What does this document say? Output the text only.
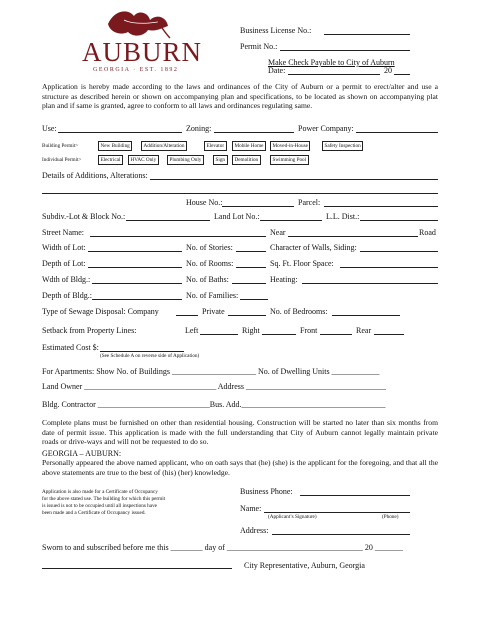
AUBURN
GEORGIA · EST. 1892
Business License No.:
Permit No.:
Make Check Payable to City of Auburn
Date:	20
Application is hereby made according to the laws and ordinances of the City of Auburn or a permit to erect/alter and use a structure as described herein or shown on accompanying plan and specifications, to be located as shown on accompanying plat plan and if same is granted, agree to conform to all laws and ordinances regulating same.
Use:	Zoning:	Power Company:
Building Permit>	New Building	Addition/Alteration	Elevator	Mobile Home	Moved-in-House	Safety Inspection
Individual Permit>	Electrical	HVAC Only	Plumbing Only	Sign	Demolition	Swimming Pool
Details of Additions, Alterations:
House No.:	Parcel:
Subdiv.-Lot & Block No.:	Land Lot No.:	L.L. Dist.:
Street Name:	Near	Road
Width of Lot:	No. of Stories:	Character of Walls, Siding:
Depth of Lot:	No. of Rooms:	Sq. Ft. Floor Space:
Wdth of Bldg.:	No. of Baths:	Heating:
Depth of Bldg.:	No. of Families:
Type of Sewage Disposal: Company	Private	No. of Bedrooms:
Setback from Property Lines:	Left	Right	Front	Rear
Estimated Cost $:
(See Schedule A on reverse side of Application)
For Apartments: Show No. of Buildings _____________________ No. of Dwelling Units ____________
Land Owner _________________________________ Address ___________________________________
Bldg. Contractor ____________________________Bus. Add.____________________________________
Complete plans must be furnished on other than residential housing. Construction will be started no later than six months from date of permit issue. This application is made with the full understanding that City of Auburn cannot legally maintain private roads or drive-ways and will not be requested to do so.
GEORGIA – AUBURN:
Personally appeared the above named applicant, who on oath says that (he) (she) is the applicant for the foregoing, and that all the above statements are true to the best of (his) (her) knowledge.
Application is also made for a Certificate of Occupancy
for the above stated use. The building for which this permit
is issued is not to be occupied until all inspections have
been made and a Certificate of Occupancy issued.
Business Phone:
Name:
(Applicant’s Signature)	(Phone)
Address:
Sworn to and subscribed before me this ________ day of __________________________________ 20 _______
City Representative, Auburn, Georgia
